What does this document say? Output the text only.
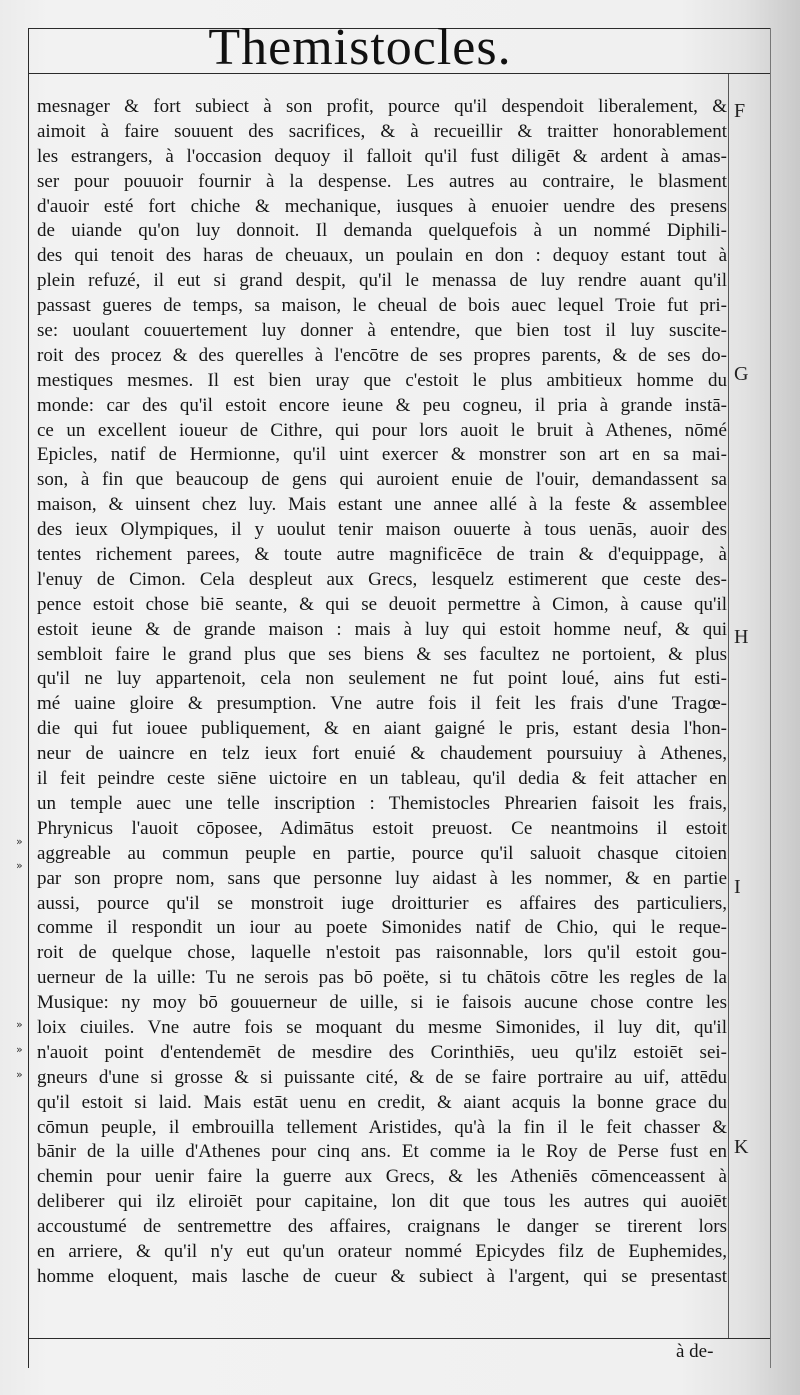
Themistocles.
mesnager & fort subiect à son profit, pource qu'il despendoit liberalement, &
aimoit à faire souuent des sacrifices, & à recueillir & traitter honorablement
les estrangers, à l'occasion dequoy il falloit qu'il fust diligēt & ardent à amas-
ser pour pouuoir fournir à la despense. Les autres au contraire, le blasment
d'auoir esté fort chiche & mechanique, iusques à enuoier uendre des presens
de uiande qu'on luy donnoit. Il demanda quelquefois à un nommé Diphili-
des qui tenoit des haras de cheuaux, un poulain en don : dequoy estant tout à
plein refuzé, il eut si grand despit, qu'il le menassa de luy rendre auant qu'il
passast gueres de temps, sa maison, le cheual de bois auec lequel Troie fut pri-
se: uoulant couuertement luy donner à entendre, que bien tost il luy suscite-
roit des procez & des querelles à l'encōtre de ses propres parents, & de ses do-
mestiques mesmes. Il est bien uray que c'estoit le plus ambitieux homme du
monde: car des qu'il estoit encore ieune & peu cogneu, il pria à grande instā-
ce un excellent ioueur de Cithre, qui pour lors auoit le bruit à Athenes, nōmé
Epicles, natif de Hermionne, qu'il uint exercer & monstrer son art en sa mai-
son, à fin que beaucoup de gens qui auroient enuie de l'ouir, demandassent sa
maison, & uinsent chez luy. Mais estant une annee allé à la feste & assemblee
des ieux Olympiques, il y uoulut tenir maison ouuerte à tous uenās, auoir des
tentes richement parees, & toute autre magnificēce de train & d'equippage, à
l'enuy de Cimon. Cela despleut aux Grecs, lesquelz estimerent que ceste des-
pence estoit chose biē seante, & qui se deuoit permettre à Cimon, à cause qu'il
estoit ieune & de grande maison : mais à luy qui estoit homme neuf, & qui
sembloit faire le grand plus que ses biens & ses facultez ne portoient, & plus
qu'il ne luy appartenoit, cela non seulement ne fut point loué, ains fut esti-
mé uaine gloire & presumption. Vne autre fois il feit les frais d'une Tragœ-
die qui fut iouee publiquement, & en aiant gaigné le pris, estant desia l'hon-
neur de uaincre en telz ieux fort enuié & chaudement poursuiuy à Athenes,
il feit peindre ceste siēne uictoire en un tableau, qu'il dedia & feit attacher en
un temple auec une telle inscription : Themistocles Phrearien faisoit les frais,
Phrynicus l'auoit cōposee, Adimātus estoit preuost. Ce neantmoins il estoit
aggreable au commun peuple en partie, pource qu'il saluoit chasque citoien
par son propre nom, sans que personne luy aidast à les nommer, & en partie
aussi, pource qu'il se monstroit iuge droitturier es affaires des particuliers,
comme il respondit un iour au poete Simonides natif de Chio, qui le reque-
roit de quelque chose, laquelle n'estoit pas raisonnable, lors qu'il estoit gou-
uerneur de la uille: Tu ne serois pas bō poëte, si tu chātois cōtre les regles de la
Musique: ny moy bō gouuerneur de uille, si ie faisois aucune chose contre les
loix ciuiles. Vne autre fois se moquant du mesme Simonides, il luy dit, qu'il
n'auoit point d'entendemēt de mesdire des Corinthiēs, ueu qu'ilz estoiēt sei-
gneurs d'une si grosse & si puissante cité, & de se faire portraire au uif, attēdu
qu'il estoit si laid. Mais estāt uenu en credit, & aiant acquis la bonne grace du
cōmun peuple, il embrouilla tellement Aristides, qu'à la fin il le feit chasser &
bānir de la uille d'Athenes pour cinq ans. Et comme ia le Roy de Perse fust en
chemin pour uenir faire la guerre aux Grecs, & les Atheniēs cōmenceassent à
deliberer qui ilz eliroiēt pour capitaine, lon dit que tous les autres qui auoiēt
accoustumé de sentremettre des affaires, craignans le danger se tirerent lors
en arriere, & qu'il n'y eut qu'un orateur nommé Epicydes filz de Euphemides,
homme eloquent, mais lasche de cueur & subiect à l'argent, qui se presentast
F
G
H
I
K
»
»
»
»
»
à de-
